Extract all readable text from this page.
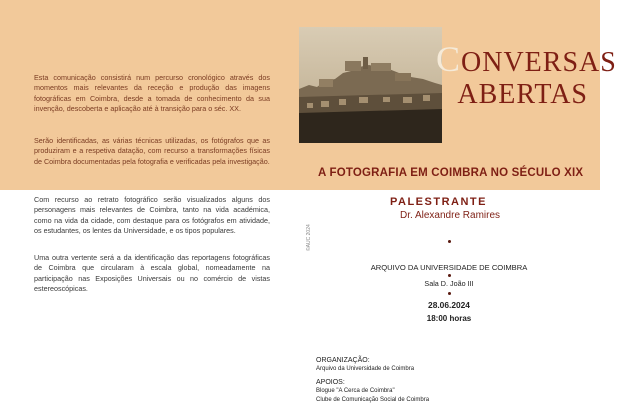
Esta comunicação consistirá num percurso cronológico através dos momentos mais relevantes da receção e produção das imagens fotográficas em Coimbra, desde a tomada de conhecimento da sua invenção, descoberta e aplicação até à transição para o séc. XX.

Serão identificadas, as várias técnicas utilizadas, os fotógrafos que as produziram e a respetiva datação, com recurso a transformações físicas de Coimbra documentadas pela fotografia e verificadas pela investigação.

Com recurso ao retrato fotográfico serão visualizados alguns dos personagens mais relevantes de Coimbra, tanto na vida académica, como na vida da cidade, com destaque para os fotógrafos em atividade, os estudantes, os lentes da Universidade, e os tipos populares.

Uma outra vertente será a da identificação das reportagens fotográficas de Coimbra que circularam à escala global, nomeadamente na participação nas Exposições Universais ou no comércio de vistas estereoscópicas.

CONVERSAS
ABERTAS
A FOTOGRAFIA EM COIMBRA NO SÉCULO XIX
PALESTRANTE
Dr. Alexandre Ramires
©AUC 2024
ARQUIVO DA UNIVERSIDADE DE COIMBRA
Sala D. João III
28.06.2024
18:00 horas
ORGANIZAÇÃO:
Arquivo da Universidade de Coimbra
APOIOS:
Blogue "A Cerca de Coimbra"
Clube de Comunicação Social de Coimbra
